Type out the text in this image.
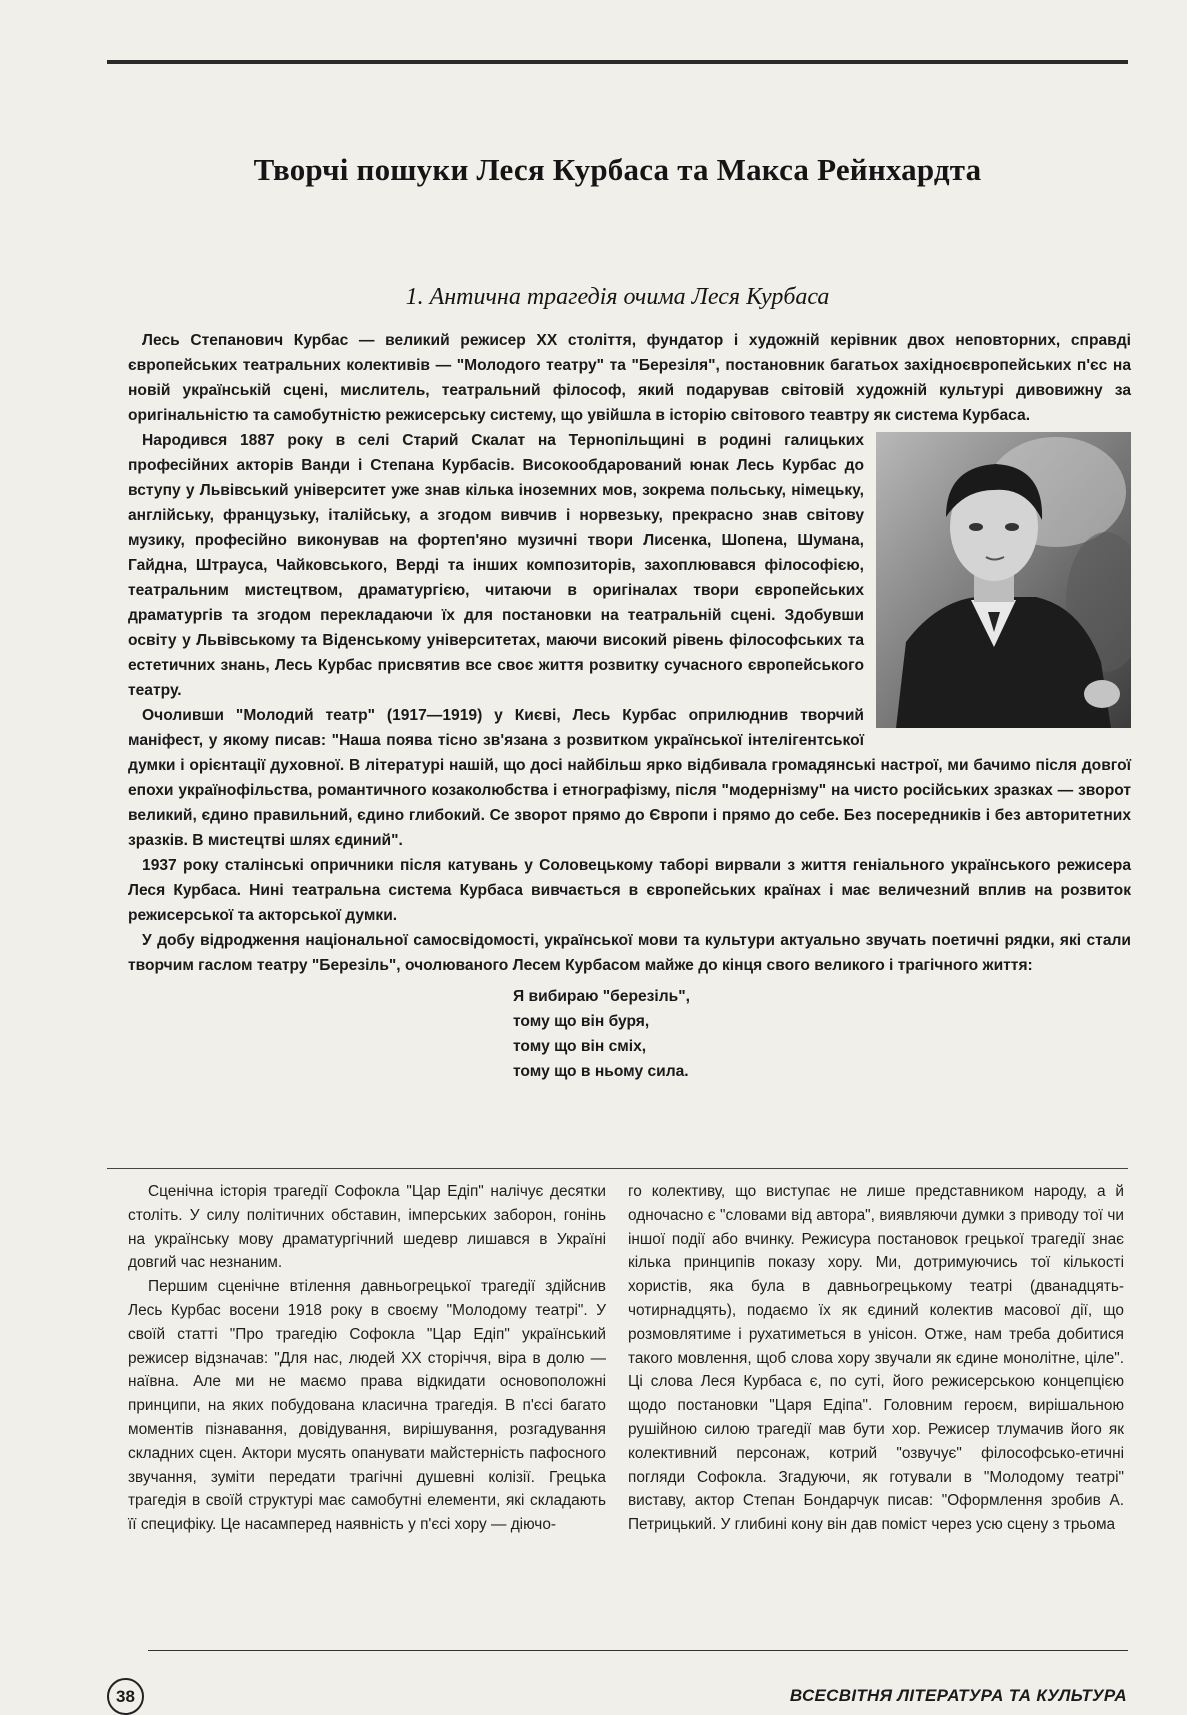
Творчі пошуки Леся Курбаса та Макса Рейнхардта
1. Антична трагедія очима Леся Курбаса

Лесь Степанович Курбас — великий режисер ХХ століття, фундатор і художній керівник двох неповторних, справді європейських театральних колективів — "Молодого театру" та "Березіля", постановник багатьох західноєвропейських п'єс на новій українській сцені, мислитель, театральний філософ, який подарував світовій художній культурі дивовижну за оригінальністю та самобутністю режисерську систему, що увійшла в історію світового теавтру як система Курбаса.

Народився 1887 року в селі Старий Скалат на Тернопільщині в родині галицьких професійних акторів Ванди і Степана Курбасів. Високообдарований юнак Лесь Курбас до вступу у Львівський університет уже знав кілька іноземних мов, зокрема польську, німецьку, англійську, французьку, італійську, а згодом вивчив і норвезьку, прекрасно знав світову музику, професійно виконував на фортеп'яно музичні твори Лисенка, Шопена, Шумана, Гайдна, Штрауса, Чайковського, Верді та інших композиторів, захоплювався філософією, театральним мистецтвом, драматургією, читаючи в оригіналах твори європейських драматургів та згодом перекладаючи їх для постановки на театральній сцені. Здобувши освіту у Львівському та Віденському університетах, маючи високий рівень філософських та естетичних знань, Лесь Курбас присвятив все своє життя розвитку сучасного європейського театру.

Очоливши "Молодий театр" (1917—1919) у Києві, Лесь Курбас оприлюднив творчий маніфест, у якому писав: "Наша поява тісно зв'язана з розвитком української інтелігентської думки і орієнтації духовної. В літературі нашій, що досі найбільш яркo відбивала громадянські настрої, ми бачимо після довгої епохи українофільства, романтичного козаколюбства і етнографізму, після "модернізму" на чисто російських зразках — зворот великий, єдино правильний, єдино глибокий. Се зворот прямо до Європи і прямо до себе. Без посередників і без авторитетних зразків. В мистецтві шлях єдиний".

1937 року сталінські опричники після катувань у Соловецькому таборі вирвали з життя геніального українського режисера Леся Курбаса. Нині театральна система Курбаса вивчається в європейських країнах і має величезний вплив на розвиток режисерської та акторської думки.

У добу відродження національної самосвідомості, української мови та культури актуально звучать поетичні рядки, які стали творчим гаслом театру "Березіль", очолюваного Лесем Курбасом майже до кінця свого великого і трагічного життя:

Я вибираю "березіль",
тому що він буря,
тому що він сміх,
тому що в ньому сила.

Сценічна історія трагедії Софокла "Цар Едіп" налічує десятки століть. У силу політичних обставин, імперських заборон, гонінь на українську мову драматургічний шедевр лишався в Україні довгий час незнаним.

Першим сценічне втілення давньогрецької трагедії здійснив Лесь Курбас восени 1918 року в своєму "Молодому театрі". У своїй статті "Про трагедію Софокла "Цар Едіп" український режисер відзначав: "Для нас, людей ХХ сторіччя, віра в долю — наївна. Але ми не маємо права відкидати основоположні принципи, на яких побудована класична трагедія. В п'єсі багато моментів пізнавання, довідування, вирішування, розгадування складних сцен. Актори мусять опанувати майстерність пафосного звучання, зуміти передати трагічні душевні колізії. Грецька трагедія в своїй структурі має самобутні елементи, які складають її специфіку. Це насамперед наявність у п'єсі хору — діючо-

го колективу, що виступає не лише представником народу, а й одночасно є "словами від автора", виявляючи думки з приводу тої чи іншої події або вчинку. Режисура постановок грецької трагедії знає кілька принципів показу хору. Ми, дотримуючись тої кількості хористів, яка була в давньогрецькому театрі (дванадцять-чотирнадцять), подаємо їх як єдиний колектив масової дії, що розмовлятиме і рухатиметься в унісон. Отже, нам треба добитися такого мовлення, щоб слова хору звучали як єдине монолітне, ціле". Ці слова Леся Курбаса є, по суті, його режисерською концепцією щодо постановки "Царя Едіпа". Головним героєм, вирішальною рушійною силою трагедії мав бути хор. Режисер тлумачив його як колективний персонаж, котрий "озвучує" філософсько-етичні погляди Софокла. Згадуючи, як готували в "Молодому театрі" виставу, актор Степан Бондарчук писав: "Оформлення зробив А. Петрицький. У глибині кону він дав поміст через усю сцену з трьома

38	ВСЕСВІТНЯ ЛІТЕРАТУРА ТА КУЛЬТУРА
